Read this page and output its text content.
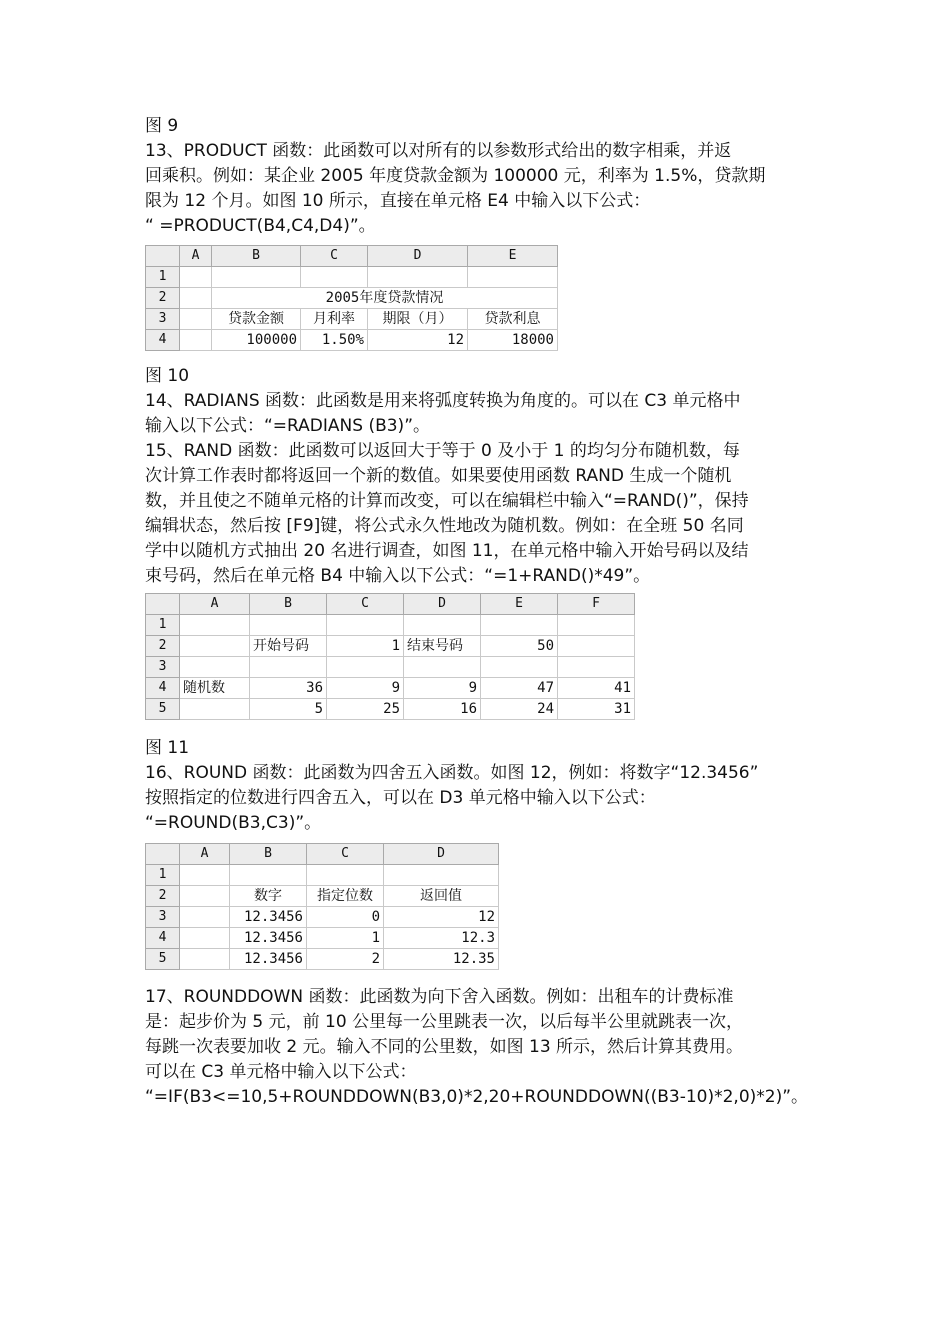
图 9
13、PRODUCT 函数：此函数可以对所有的以参数形式给出的数字相乘，并返
回乘积。例如：某企业 2005 年度贷款金额为 100000 元，利率为 1.5%，贷款期
限为 12 个月。如图 10 所示，直接在单元格 E4 中输入以下公式：
“ =PRODUCT(B4,C4,D4)”。
	A	B	C	D	E
1					
2		2005年度贷款情况			
3		贷款金额	月利率	期限（月）	贷款利息
4		100000	1.50%	12	18000
图 10
14、RADIANS 函数：此函数是用来将弧度转换为角度的。可以在 C3 单元格中
输入以下公式：“=RADIANS (B3)”。
15、RAND 函数：此函数可以返回大于等于 0 及小于 1 的均匀分布随机数，每
次计算工作表时都将返回一个新的数值。如果要使用函数 RAND 生成一个随机
数，并且使之不随单元格的计算而改变，可以在编辑栏中输入“=RAND()”，保持
编辑状态，然后按 [F9]键，将公式永久性地改为随机数。例如：在全班 50 名同
学中以随机方式抽出 20 名进行调查，如图 11，在单元格中输入开始号码以及结
束号码，然后在单元格 B4 中输入以下公式：“=1+RAND()*49”。
	A	B	C	D	E	F
1						
2		开始号码	1	结束号码	50	
3						
4	随机数	36	9	9	47	41
5		5	25	16	24	31
图 11
16、ROUND 函数：此函数为四舍五入函数。如图 12，例如：将数字“12.3456”
按照指定的位数进行四舍五入，可以在 D3 单元格中输入以下公式：
“=ROUND(B3,C3)”。
	A	B	C	D
1				
2		数字	指定位数	返回值
3		12.3456	0	12
4		12.3456	1	12.3
5		12.3456	2	12.35
17、ROUNDDOWN 函数：此函数为向下舍入函数。例如：出租车的计费标准
是：起步价为 5 元，前 10 公里每一公里跳表一次，以后每半公里就跳表一次，
每跳一次表要加收 2 元。输入不同的公里数，如图 13 所示，然后计算其费用。
可以在 C3 单元格中输入以下公式：
“=IF(B3<=10,5+ROUNDDOWN(B3,0)*2,20+ROUNDDOWN((B3-10)*2,0)*2)”。
